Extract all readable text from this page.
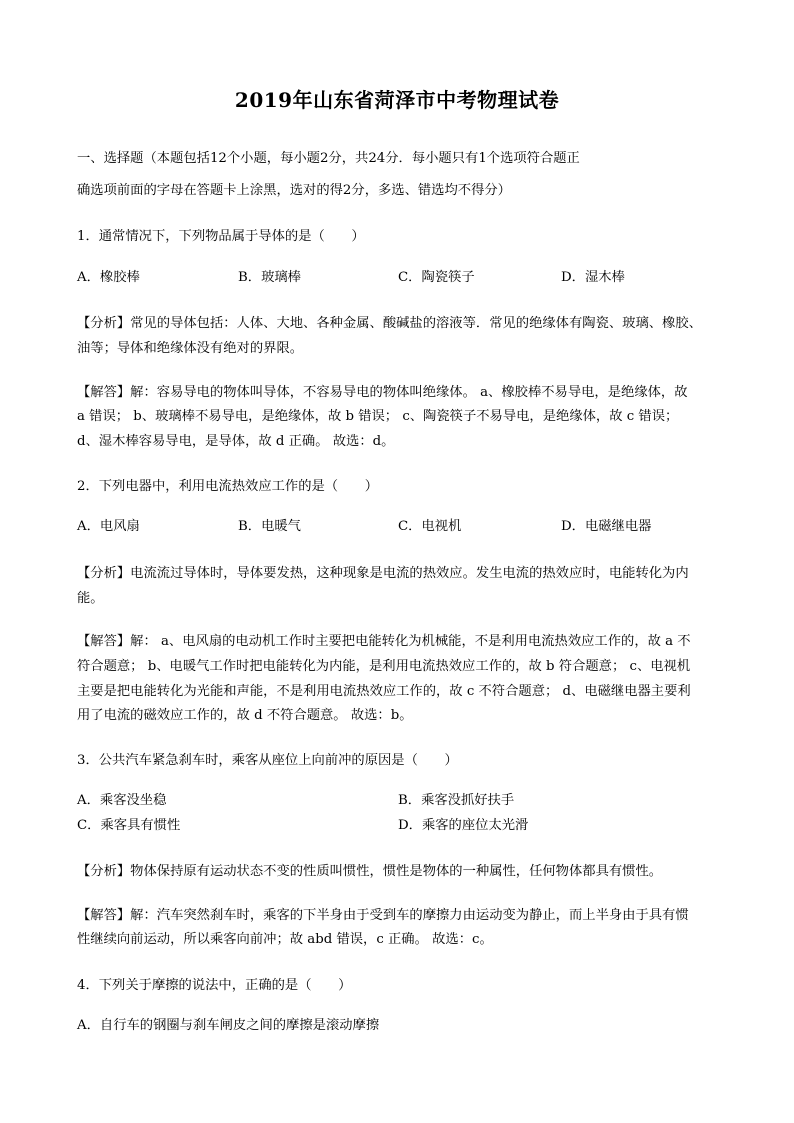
2019年山东省菏泽市中考物理试卷
一、选择题（本题包括12个小题，每小题2分，共24分．每小题只有1个选项符合题正
确选项前面的字母在答题卡上涂黑，选对的得2分，多选、错选均不得分）
1．通常情况下，下列物品属于导体的是（　　）
A．橡胶棒	B．玻璃棒	C．陶瓷筷子	D．湿木棒
【分析】常见的导体包括：人体、大地、各种金属、酸碱盐的溶液等．常见的绝缘体有陶瓷、玻璃、橡胶、
油等；导体和绝缘体没有绝对的界限。
【解答】解：容易导电的物体叫导体，不容易导电的物体叫绝缘体。 a、橡胶棒不易导电，是绝缘体，故
a 错误； b、玻璃棒不易导电，是绝缘体，故 b 错误； c、陶瓷筷子不易导电，是绝缘体，故 c 错误；
d、湿木棒容易导电，是导体，故 d 正确。 故选：d。
2．下列电器中，利用电流热效应工作的是（　　）
A．电风扇	B．电暖气	C．电视机	D．电磁继电器
【分析】电流流过导体时，导体要发热，这种现象是电流的热效应。发生电流的热效应时，电能转化为内
能。
【解答】解： a、电风扇的电动机工作时主要把电能转化为机械能，不是利用电流热效应工作的，故 a 不
符合题意； b、电暖气工作时把电能转化为内能，是利用电流热效应工作的，故 b 符合题意； c、电视机
主要是把电能转化为光能和声能，不是利用电流热效应工作的，故 c 不符合题意； d、电磁继电器主要利
用了电流的磁效应工作的，故 d 不符合题意。 故选：b。
3．公共汽车紧急刹车时，乘客从座位上向前冲的原因是（　　）
A．乘客没坐稳	B．乘客没抓好扶手
C．乘客具有惯性	D．乘客的座位太光滑
【分析】物体保持原有运动状态不变的性质叫惯性，惯性是物体的一种属性，任何物体都具有惯性。
【解答】解：汽车突然刹车时，乘客的下半身由于受到车的摩擦力由运动变为静止，而上半身由于具有惯
性继续向前运动，所以乘客向前冲；故 abd 错误，c 正确。 故选：c。
4．下列关于摩擦的说法中，正确的是（　　）
A．自行车的钢圈与刹车闸皮之间的摩擦是滚动摩擦
